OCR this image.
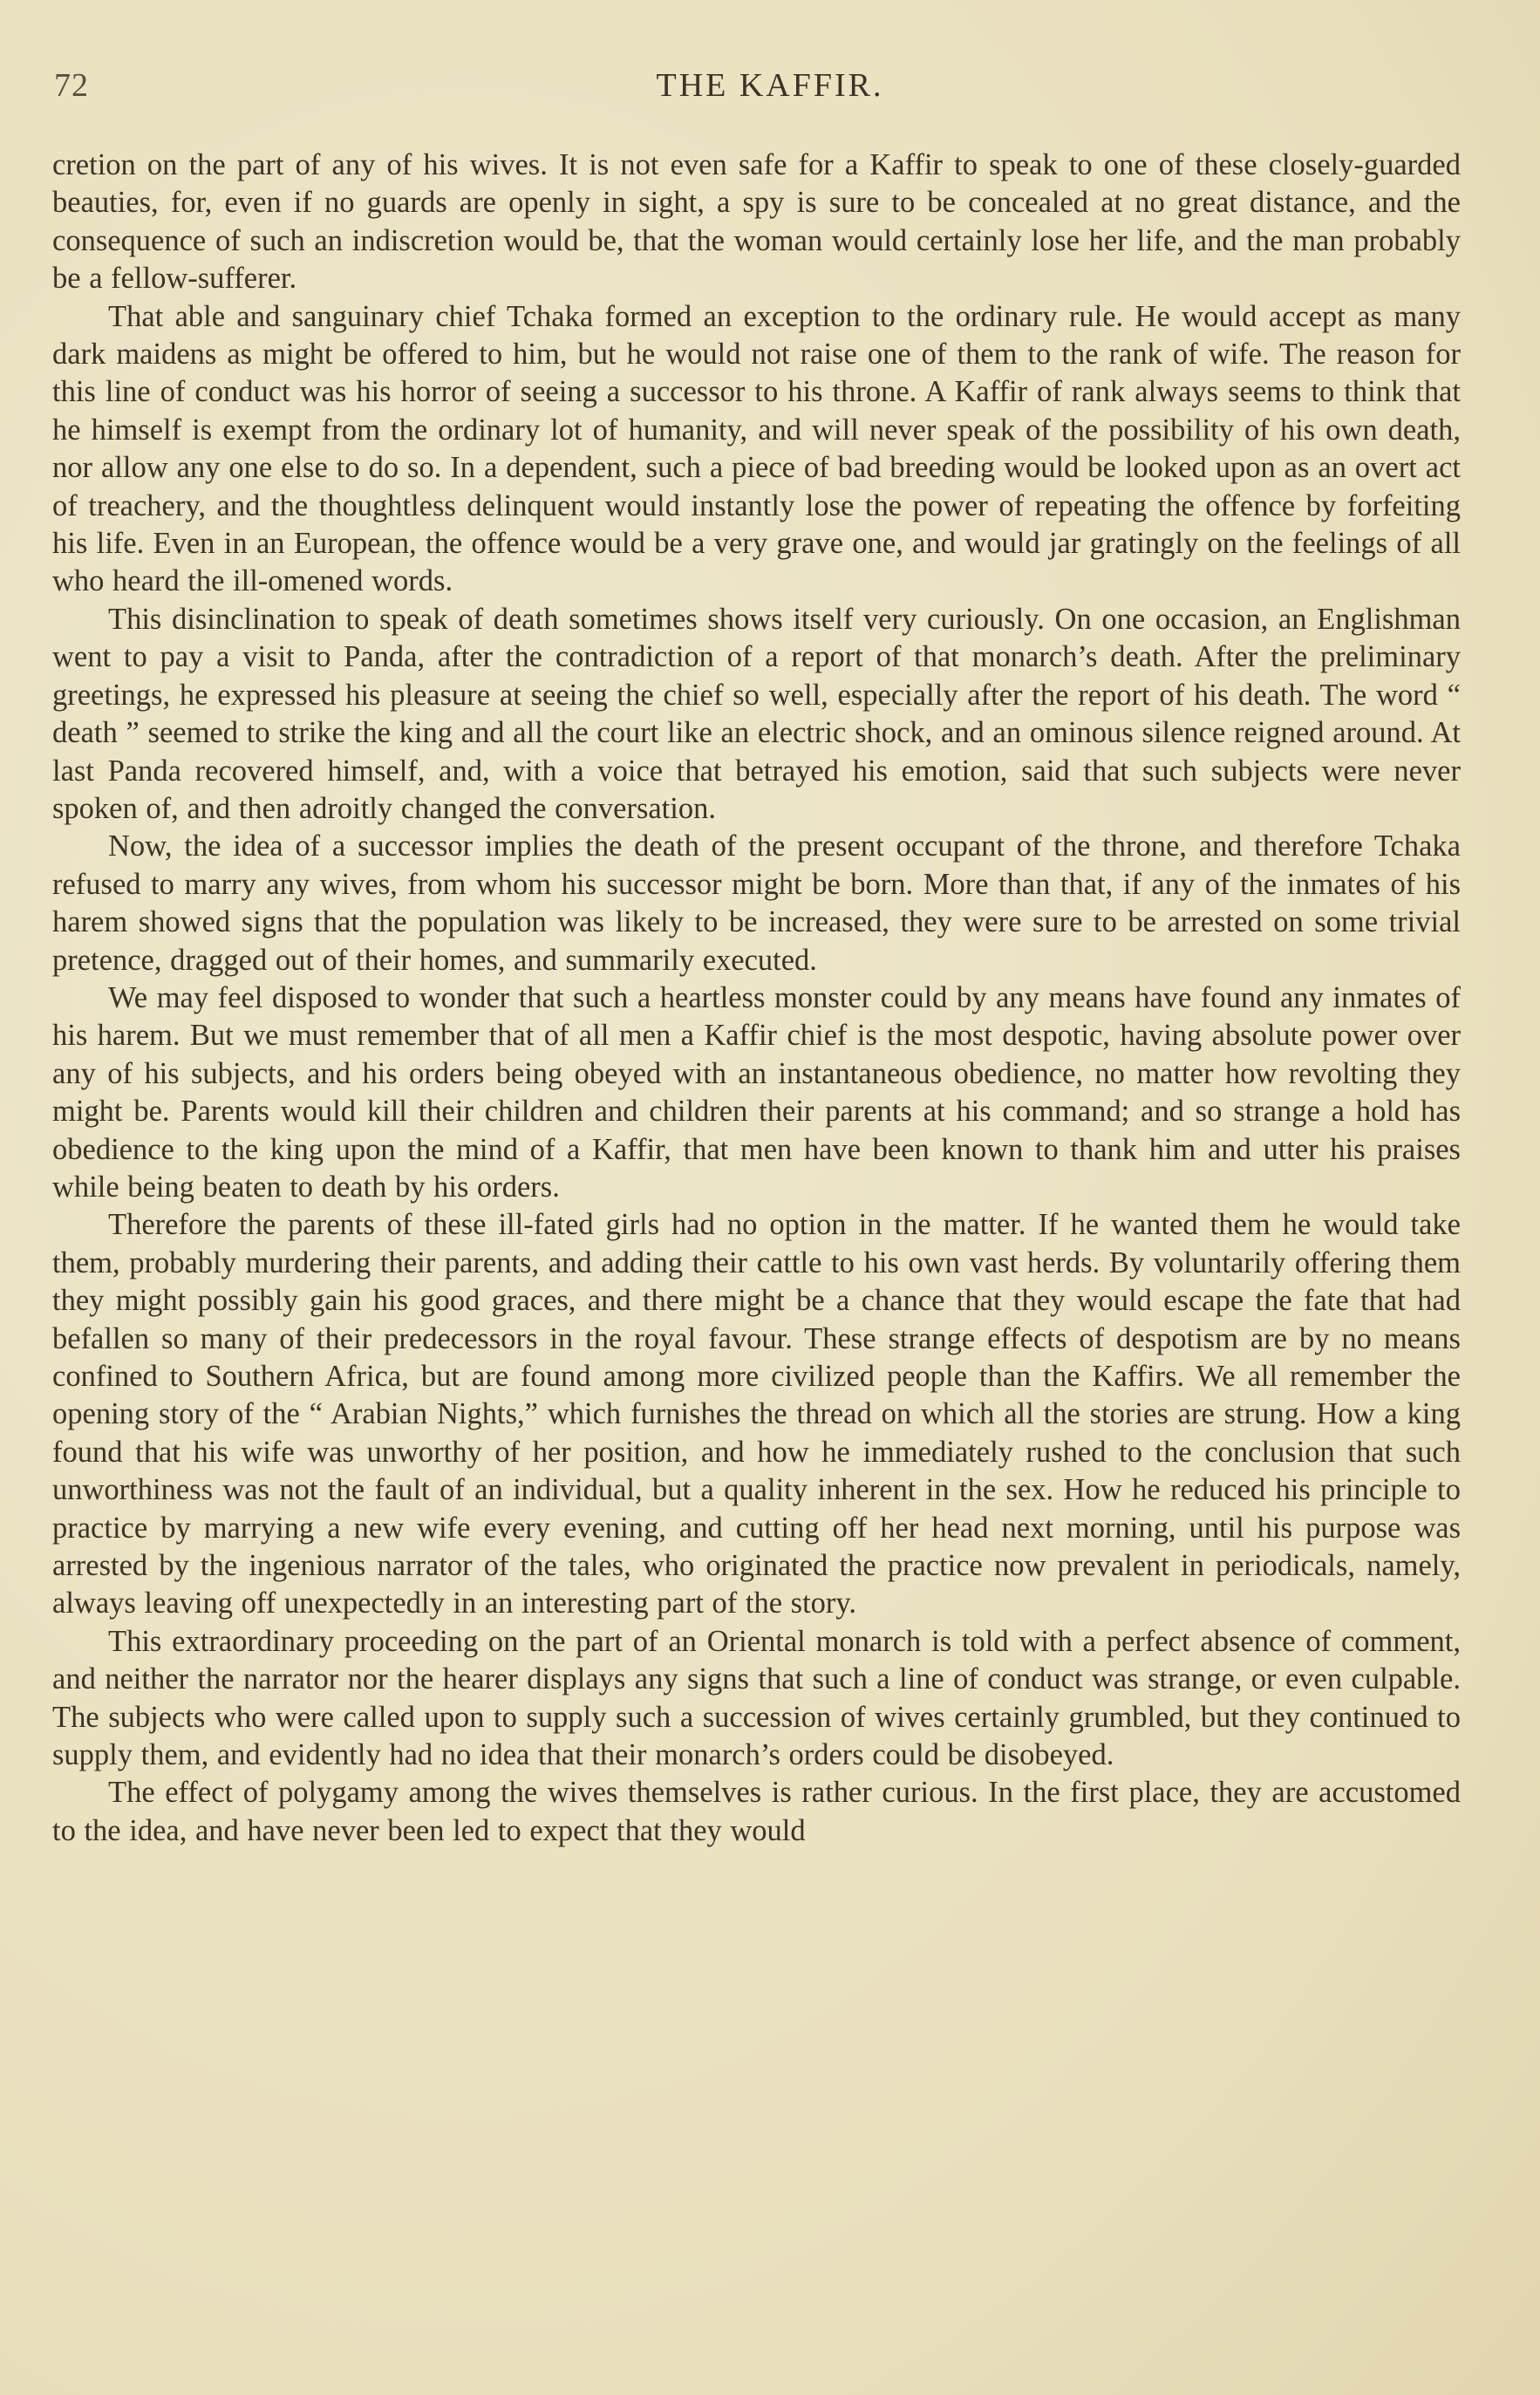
72	THE KAFFIR.

cretion on the part of any of his wives. It is not even safe for a Kaffir to speak to one of these closely-guarded beauties, for, even if no guards are openly in sight, a spy is sure to be concealed at no great distance, and the consequence of such an indiscretion would be, that the woman would certainly lose her life, and the man probably be a fellow-sufferer.

That able and sanguinary chief Tchaka formed an exception to the ordinary rule. He would accept as many dark maidens as might be offered to him, but he would not raise one of them to the rank of wife. The reason for this line of conduct was his horror of seeing a successor to his throne. A Kaffir of rank always seems to think that he himself is exempt from the ordinary lot of humanity, and will never speak of the possibility of his own death, nor allow any one else to do so. In a dependent, such a piece of bad breeding would be looked upon as an overt act of treachery, and the thoughtless delinquent would instantly lose the power of repeating the offence by forfeiting his life. Even in an European, the offence would be a very grave one, and would jar gratingly on the feelings of all who heard the ill-omened words.

This disinclination to speak of death sometimes shows itself very curiously. On one occasion, an Englishman went to pay a visit to Panda, after the contradiction of a report of that monarch’s death. After the preliminary greetings, he expressed his pleasure at seeing the chief so well, especially after the report of his death. The word “ death ” seemed to strike the king and all the court like an electric shock, and an ominous silence reigned around. At last Panda recovered himself, and, with a voice that betrayed his emotion, said that such subjects were never spoken of, and then adroitly changed the conversation.

Now, the idea of a successor implies the death of the present occupant of the throne, and therefore Tchaka refused to marry any wives, from whom his successor might be born. More than that, if any of the inmates of his harem showed signs that the population was likely to be increased, they were sure to be arrested on some trivial pretence, dragged out of their homes, and summarily executed.

We may feel disposed to wonder that such a heartless monster could by any means have found any inmates of his harem. But we must remember that of all men a Kaffir chief is the most despotic, having absolute power over any of his subjects, and his orders being obeyed with an instantaneous obedience, no matter how revolting they might be. Parents would kill their children and children their parents at his command; and so strange a hold has obedience to the king upon the mind of a Kaffir, that men have been known to thank him and utter his praises while being beaten to death by his orders.

Therefore the parents of these ill-fated girls had no option in the matter. If he wanted them he would take them, probably murdering their parents, and adding their cattle to his own vast herds. By voluntarily offering them they might possibly gain his good graces, and there might be a chance that they would escape the fate that had befallen so many of their predecessors in the royal favour. These strange effects of despotism are by no means confined to Southern Africa, but are found among more civilized people than the Kaffirs. We all remember the opening story of the “ Arabian Nights,” which furnishes the thread on which all the stories are strung. How a king found that his wife was unworthy of her position, and how he immediately rushed to the conclusion that such unworthiness was not the fault of an individual, but a quality inherent in the sex. How he reduced his principle to practice by marrying a new wife every evening, and cutting off her head next morning, until his purpose was arrested by the ingenious narrator of the tales, who originated the practice now prevalent in periodicals, namely, always leaving off unexpectedly in an interesting part of the story.

This extraordinary proceeding on the part of an Oriental monarch is told with a perfect absence of comment, and neither the narrator nor the hearer displays any signs that such a line of conduct was strange, or even culpable. The subjects who were called upon to supply such a succession of wives certainly grumbled, but they continued to supply them, and evidently had no idea that their monarch’s orders could be disobeyed.

The effect of polygamy among the wives themselves is rather curious. In the first place, they are accustomed to the idea, and have never been led to expect that they would
